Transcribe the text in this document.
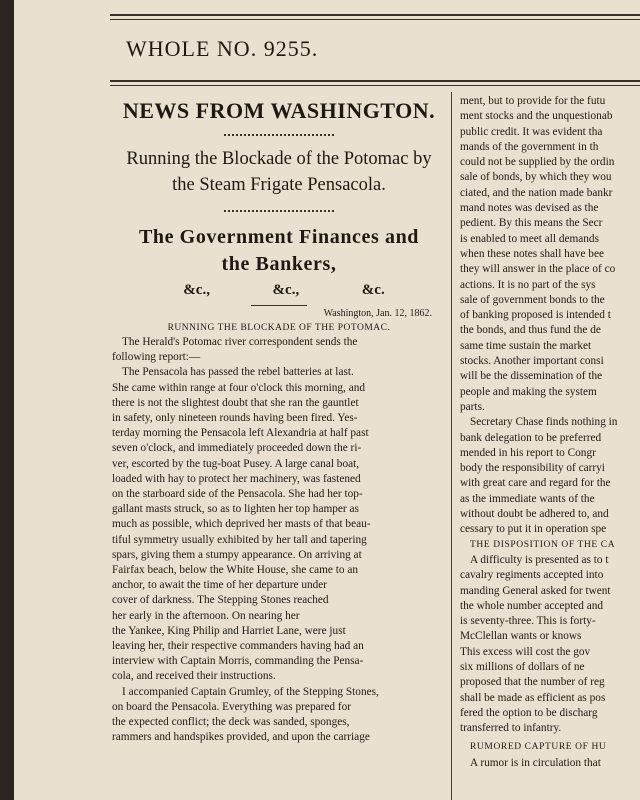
WHOLE NO. 9255.
NEWS FROM WASHINGTON.
Running the Blockade of the Potomac by
the Steam Frigate Pensacola.
The Government Finances and
the Bankers,
&c.,	&c.,	&c.
Washington, Jan. 12, 1862.
RUNNING THE BLOCKADE OF THE POTOMAC.
The Herald's Potomac river correspondent sends the
following report:—
The Pensacola has passed the rebel batteries at last.
She came within range at four o'clock this morning, and
there is not the slightest doubt that she ran the gauntlet
in safety, only nineteen rounds having been fired. Yes-
terday morning the Pensacola left Alexandria at half past
seven o'clock, and immediately proceeded down the ri-
ver, escorted by the tug-boat Pusey. A large canal boat,
loaded with hay to protect her machinery, was fastened
on the starboard side of the Pensacola. She had her top-
gallant masts struck, so as to lighten her top hamper as
much as possible, which deprived her masts of that beau-
tiful symmetry usually exhibited by her tall and tapering
spars, giving them a stumpy appearance. On arriving at
Fairfax beach, below the White House, she came to an
anchor, to await the time of her departure under
cover of darkness. The Stepping Stones reached
her early in the afternoon. On nearing her
the Yankee, King Philip and Harriet Lane, were just
leaving her, their respective commanders having had an
interview with Captain Morris, commanding the Pensa-
cola, and received their instructions.
I accompanied Captain Grumley, of the Stepping Stones,
on board the Pensacola. Everything was prepared for
the expected conflict; the deck was sanded, sponges,
rammers and handspikes provided, and upon the carriage
ment, but to provide for the futu
ment stocks and the unquestionab
public credit. It was evident tha
mands of the government in th
could not be supplied by the ordin
sale of bonds, by which they wou
ciated, and the nation made bankr
mand notes was devised as the
pedient. By this means the Secr
is enabled to meet all demands
when these notes shall have bee
they will answer in the place of co
actions. It is no part of the sys
sale of government bonds to the
of banking proposed is intended t
the bonds, and thus fund the de
same time sustain the market
stocks. Another important consi
will be the dissemination of the
people and making the system
parts.
Secretary Chase finds nothing in
bank delegation to be preferred
mended in his report to Congr
body the responsibility of carryi
with great care and regard for the
as the immediate wants of the
without doubt be adhered to, and
cessary to put it in operation spe
THE DISPOSITION OF THE CA
A difficulty is presented as to t
cavalry regiments accepted into
manding General asked for twent
the whole number accepted and
is seventy-three. This is forty-
McClellan wants or knows
This excess will cost the gov
six millions of dollars of ne
proposed that the number of reg
shall be made as efficient as pos
fered the option to be discharg
transferred to infantry.
RUMORED CAPTURE OF HU
A rumor is in circulation that
